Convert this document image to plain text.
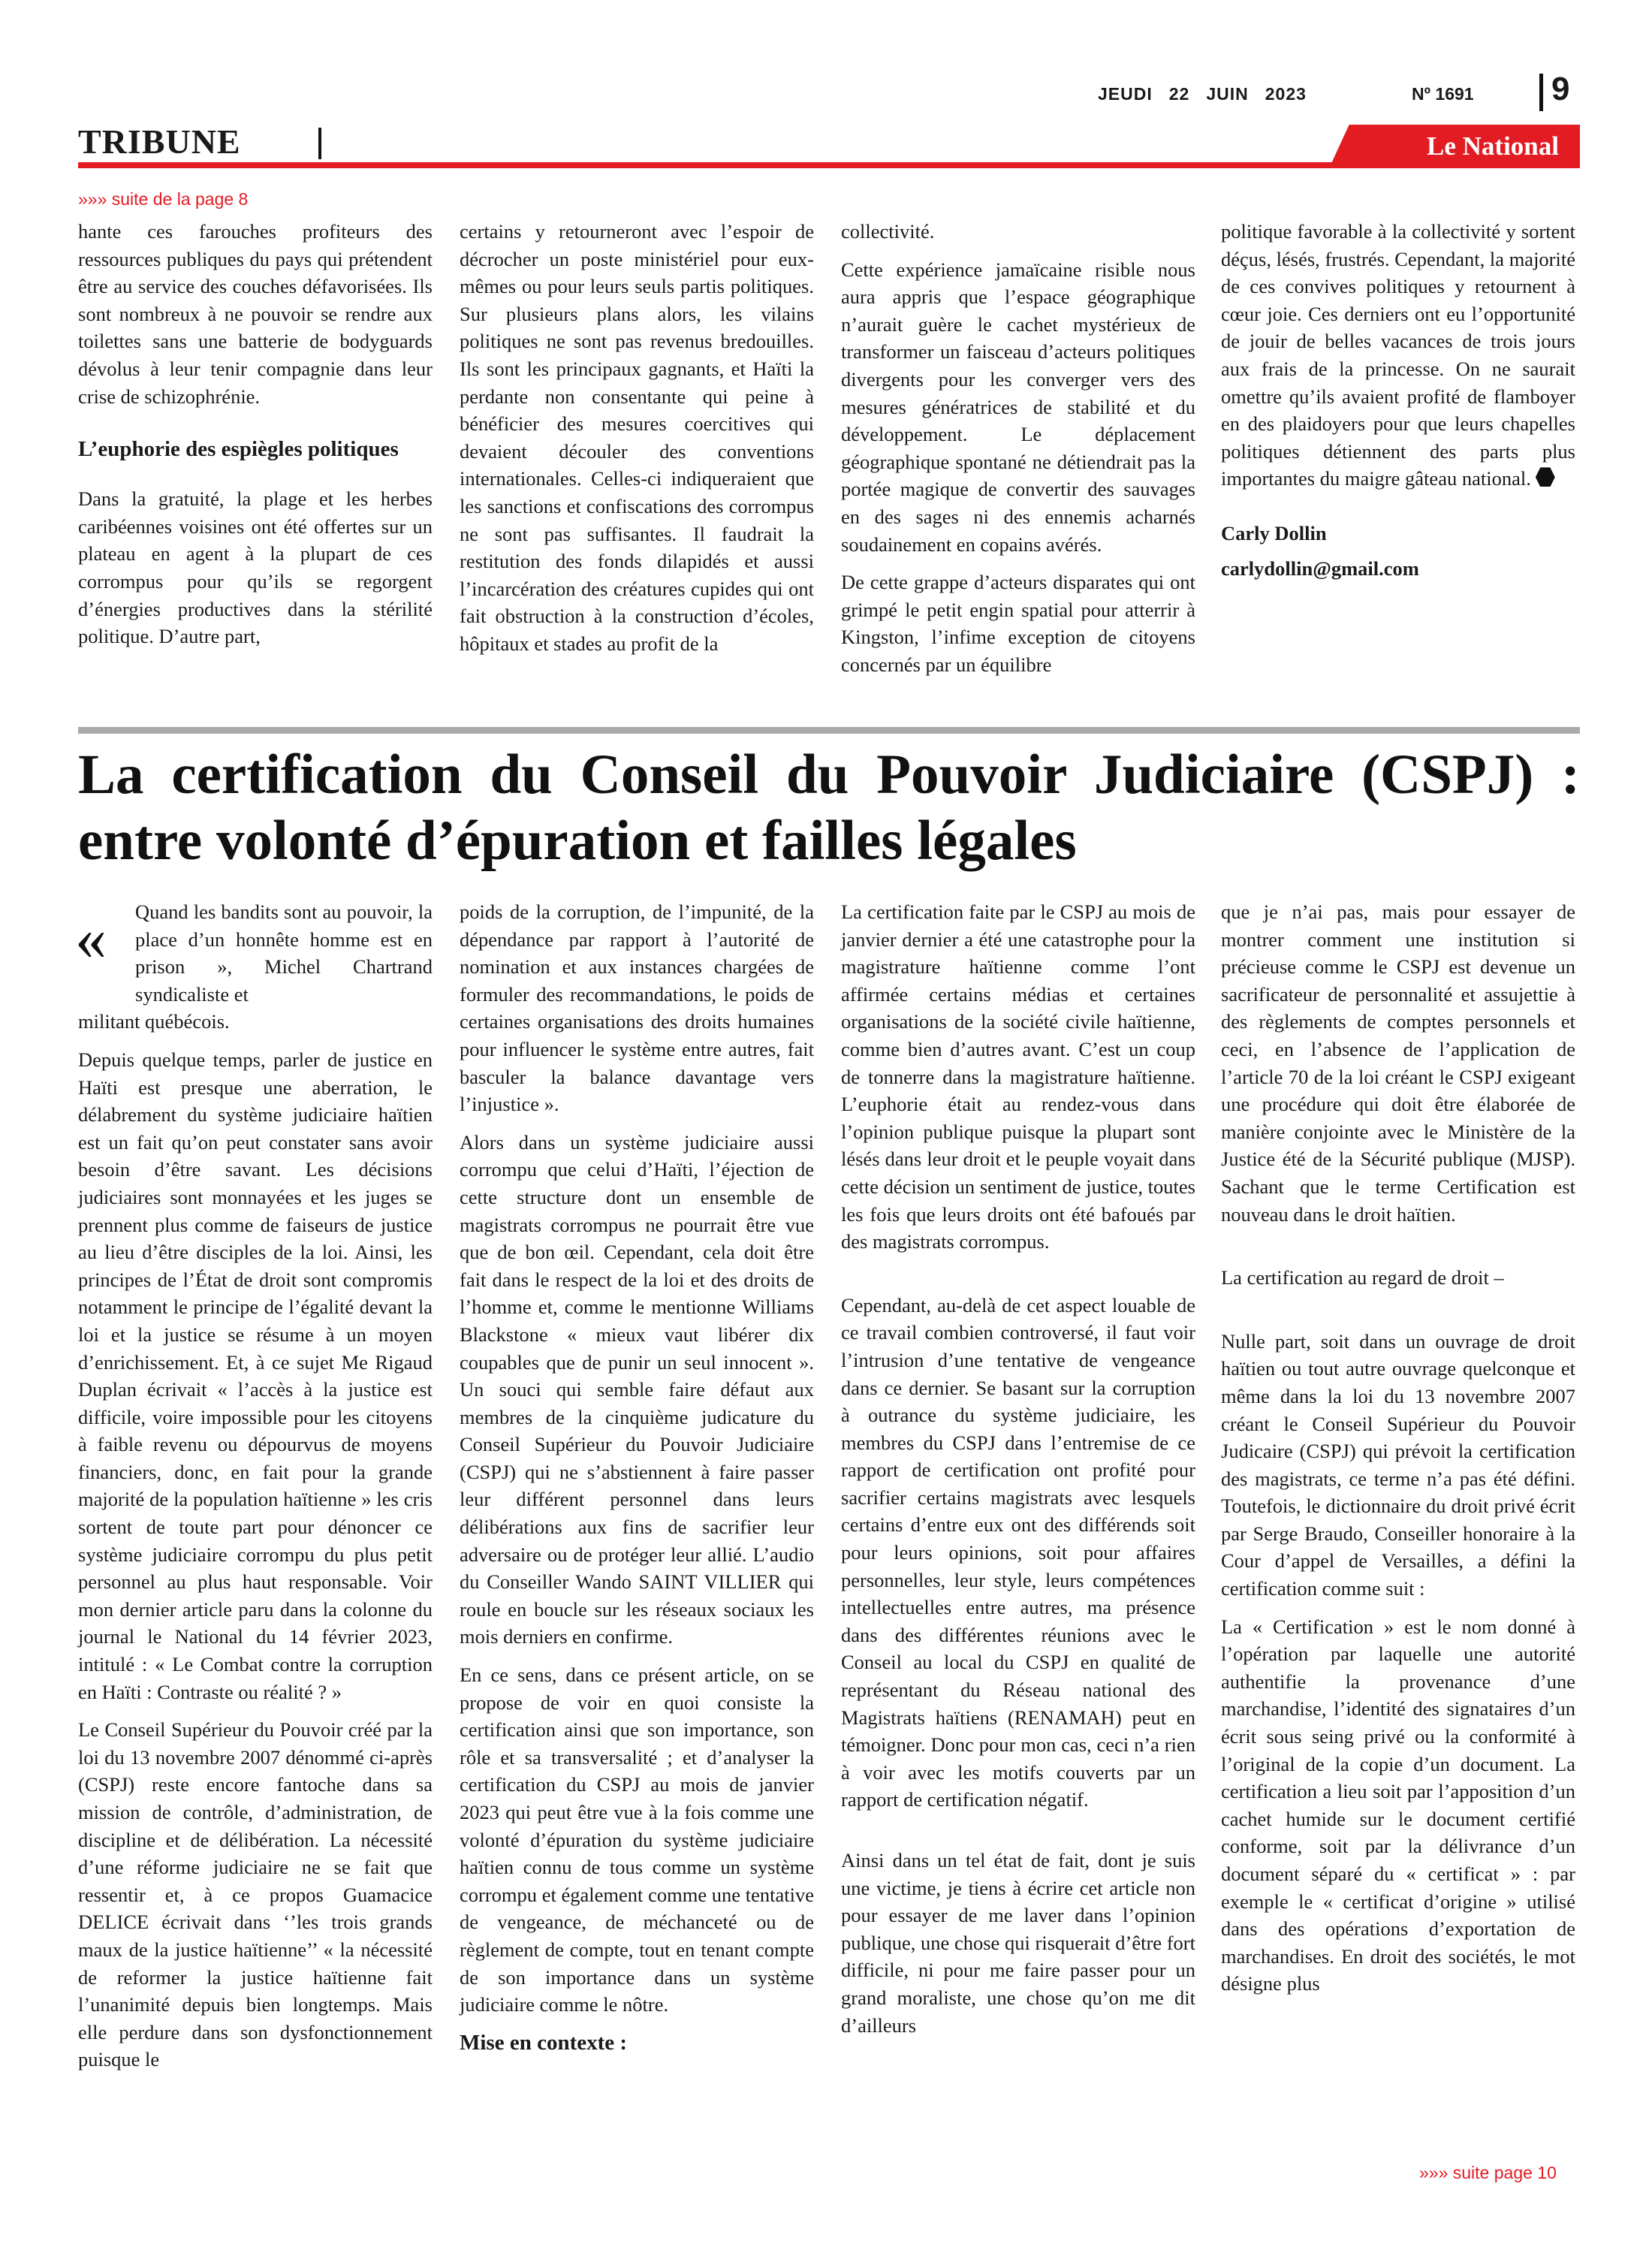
JEUDI 22 JUIN 2023	Nº 1691 9
TRIBUNE	Le National
»»» suite de la page 8

hante ces farouches profiteurs des ressources publiques du pays qui prétendent être au service des couches défavorisées. Ils sont nombreux à ne pouvoir se rendre aux toilettes sans une batterie de bodyguards dévolus à leur tenir compagnie dans leur crise de schizophrénie.

L’euphorie des espiègles politiques

Dans la gratuité, la plage et les herbes caribéennes voisines ont été offertes sur un plateau en agent à la plupart de ces corrompus pour qu’ils se regorgent d’énergies productives dans la stérilité politique. D’autre part,

certains y retourneront avec l’espoir de décrocher un poste ministériel pour eux-mêmes ou pour leurs seuls partis politiques. Sur plusieurs plans alors, les vilains politiques ne sont pas revenus bredouilles. Ils sont les principaux gagnants, et Haïti la perdante non consentante qui peine à bénéficier des mesures coercitives qui devaient découler des conventions internationales. Celles-ci indiqueraient que les sanctions et confiscations des corrompus ne sont pas suffisantes. Il faudrait la restitution des fonds dilapidés et aussi l’incarcération des créatures cupides qui ont fait obstruction à la construction d’écoles, hôpitaux et stades au profit de la

collectivité.

Cette expérience jamaïcaine risible nous aura appris que l’espace géographique n’aurait guère le cachet mystérieux de transformer un faisceau d’acteurs politiques divergents pour les converger vers des mesures génératrices de stabilité et du développement. Le déplacement géographique spontané ne détiendrait pas la portée magique de convertir des sauvages en des sages ni des ennemis acharnés soudainement en copains avérés.

De cette grappe d’acteurs disparates qui ont grimpé le petit engin spatial pour atterrir à Kingston, l’infime exception de citoyens concernés par un équilibre

politique favorable à la collectivité y sortent déçus, lésés, frustrés. Cependant, la majorité de ces convives politiques y retournent à cœur joie. Ces derniers ont eu l’opportunité de jouir de belles vacances de trois jours aux frais de la princesse. On ne saurait omettre qu’ils avaient profité de flamboyer en des plaidoyers pour que leurs chapelles politiques détiennent des parts plus importantes du maigre gâteau national.

Carly Dollin
carlydollin@gmail.com
La certification du Conseil du Pouvoir Judiciaire (CSPJ) : entre volonté d’épuration et failles légales
«	Quand les bandits sont au pouvoir, la place d’un honnête homme est en prison », Michel Chartrand syndicaliste et

militant québécois.

Depuis quelque temps, parler de justice en Haïti est presque une aberration, le délabrement du système judiciaire haïtien est un fait qu’on peut constater sans avoir besoin d’être savant. Les décisions judiciaires sont monnayées et les juges se prennent plus comme de faiseurs de justice au lieu d’être disciples de la loi. Ainsi, les principes de l’État de droit sont compromis notamment le principe de l’égalité devant la loi et la justice se résume à un moyen d’enrichissement. Et, à ce sujet Me Rigaud Duplan écrivait « l’accès à la justice est difficile, voire impossible pour les citoyens à faible revenu ou dépourvus de moyens financiers, donc, en fait pour la grande majorité de la population haïtienne » les cris sortent de toute part pour dénoncer ce système judiciaire corrompu du plus petit personnel au plus haut responsable. Voir mon dernier article paru dans la colonne du journal le National du 14 février 2023, intitulé : « Le Combat contre la corruption en Haïti : Contraste ou réalité ? »

Le Conseil Supérieur du Pouvoir créé par la loi du 13 novembre 2007 dénommé ci-après (CSPJ) reste encore fantoche dans sa mission de contrôle, d’administration, de discipline et de délibération. La nécessité d’une réforme judiciaire ne se fait que ressentir et, à ce propos Guamacice DELICE écrivait dans ‘’les trois grands maux de la justice haïtienne’’ « la nécessité de reformer la justice haïtienne fait l’unanimité depuis bien longtemps. Mais elle perdure dans son dysfonctionnement puisque le

poids de la corruption, de l’impunité, de la dépendance par rapport à l’autorité de nomination et aux instances chargées de formuler des recommandations, le poids de certaines organisations des droits humaines pour influencer le système entre autres, fait basculer la balance davantage vers l’injustice ».

Alors dans un système judiciaire aussi corrompu que celui d’Haïti, l’éjection de cette structure dont un ensemble de magistrats corrompus ne pourrait être vue que de bon œil. Cependant, cela doit être fait dans le respect de la loi et des droits de l’homme et, comme le mentionne Williams Blackstone « mieux vaut libérer dix coupables que de punir un seul innocent ». Un souci qui semble faire défaut aux membres de la cinquième judicature du Conseil Supérieur du Pouvoir Judiciaire (CSPJ) qui ne s’abstiennent à faire passer leur différent personnel dans leurs délibérations aux fins de sacrifier leur adversaire ou de protéger leur allié. L’audio du Conseiller Wando SAINT VILLIER qui roule en boucle sur les réseaux sociaux les mois derniers en confirme.

En ce sens, dans ce présent article, on se propose de voir en quoi consiste la certification ainsi que son importance, son rôle et sa transversalité ; et d’analyser la certification du CSPJ au mois de janvier 2023 qui peut être vue à la fois comme une volonté d’épuration du système judiciaire haïtien connu de tous comme un système corrompu et également comme une tentative de vengeance, de méchanceté ou de règlement de compte, tout en tenant compte de son importance dans un système judiciaire comme le nôtre.

Mise en contexte :

La certification faite par le CSPJ au mois de janvier dernier a été une catastrophe pour la magistrature haïtienne comme l’ont affirmée certains médias et certaines organisations de la société civile haïtienne, comme bien d’autres avant. C’est un coup de tonnerre dans la magistrature haïtienne. L’euphorie était au rendez-vous dans l’opinion publique puisque la plupart sont lésés dans leur droit et le peuple voyait dans cette décision un sentiment de justice, toutes les fois que leurs droits ont été bafoués par des magistrats corrompus.

Cependant, au-delà de cet aspect louable de ce travail combien controversé, il faut voir l’intrusion d’une tentative de vengeance dans ce dernier. Se basant sur la corruption à outrance du système judiciaire, les membres du CSPJ dans l’entremise de ce rapport de certification ont profité pour sacrifier certains magistrats avec lesquels certains d’entre eux ont des différends soit pour leurs opinions, soit pour affaires personnelles, leur style, leurs compétences intellectuelles entre autres, ma présence dans des différentes réunions avec le Conseil au local du CSPJ en qualité de représentant du Réseau national des Magistrats haïtiens (RENAMAH) peut en témoigner. Donc pour mon cas, ceci n’a rien à voir avec les motifs couverts par un rapport de certification négatif.

Ainsi dans un tel état de fait, dont je suis une victime, je tiens à écrire cet article non pour essayer de me laver dans l’opinion publique, une chose qui risquerait d’être fort difficile, ni pour me faire passer pour un grand moraliste, une chose qu’on me dit d’ailleurs

que je n’ai pas, mais pour essayer de montrer comment une institution si précieuse comme le CSPJ est devenue un sacrificateur de personnalité et assujettie à des règlements de comptes personnels et ceci, en l’absence de l’application de l’article 70 de la loi créant le CSPJ exigeant une procédure qui doit être élaborée de manière conjointe avec le Ministère de la Justice été de la Sécurité publique (MJSP). Sachant que le terme Certification est nouveau dans le droit haïtien.

La certification au regard de droit –

Nulle part, soit dans un ouvrage de droit haïtien ou tout autre ouvrage quelconque et même dans la loi du 13 novembre 2007 créant le Conseil Supérieur du Pouvoir Judicaire (CSPJ) qui prévoit la certification des magistrats, ce terme n’a pas été défini. Toutefois, le dictionnaire du droit privé écrit par Serge Braudo, Conseiller honoraire à la Cour d’appel de Versailles, a défini la certification comme suit :

La « Certification » est le nom donné à l’opération par laquelle une autorité authentifie la provenance d’une marchandise, l’identité des signataires d’un écrit sous seing privé ou la conformité à l’original de la copie d’un document. La certification a lieu soit par l’apposition d’un cachet humide sur le document certifié conforme, soit par la délivrance d’un document séparé du « certificat » : par exemple le « certificat d’origine » utilisé dans des opérations d’exportation de marchandises. En droit des sociétés, le mot désigne plus

»»» suite page 10
